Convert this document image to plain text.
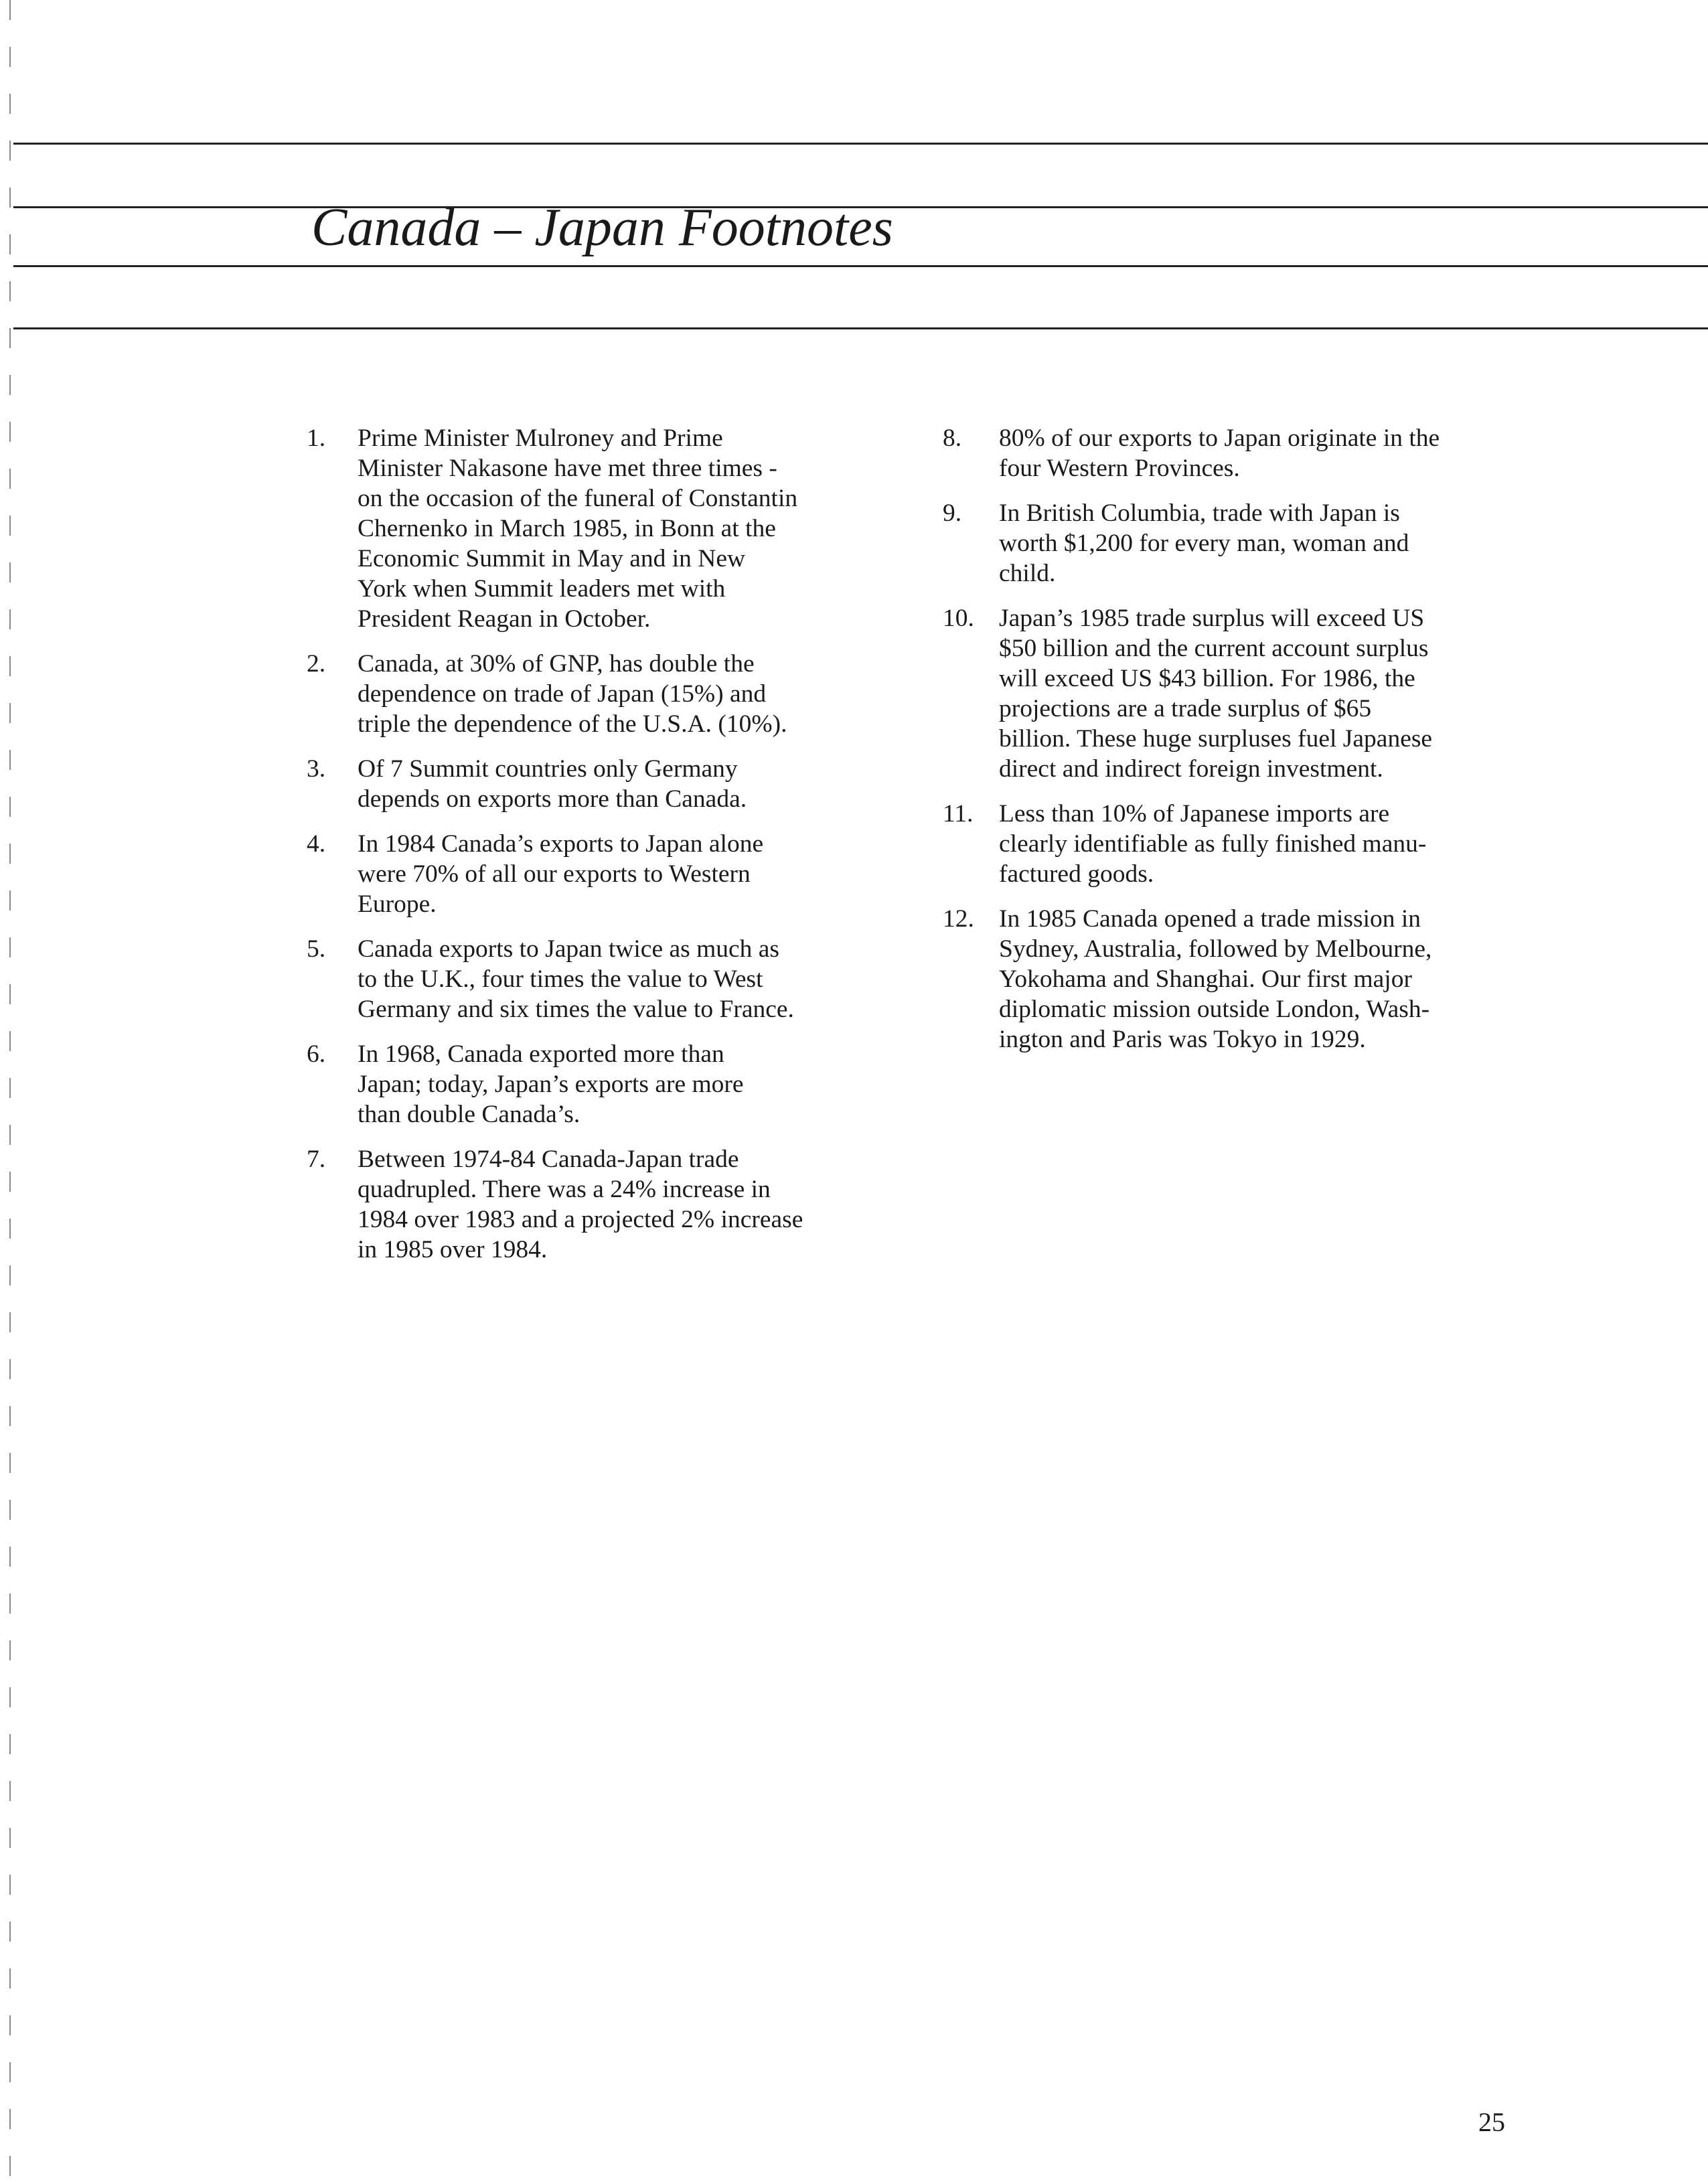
Canada – Japan Footnotes
1.	Prime Minister Mulroney and Prime
Minister Nakasone have met three times -
on the occasion of the funeral of Constantin
Chernenko in March 1985, in Bonn at the
Economic Summit in May and in New
York when Summit leaders met with
President Reagan in October.
2.	Canada, at 30% of GNP, has double the
dependence on trade of Japan (15%) and
triple the dependence of the U.S.A. (10%).
3.	Of 7 Summit countries only Germany
depends on exports more than Canada.
4.	In 1984 Canada’s exports to Japan alone
were 70% of all our exports to Western
Europe.
5.	Canada exports to Japan twice as much as
to the U.K., four times the value to West
Germany and six times the value to France.
6.	In 1968, Canada exported more than
Japan; today, Japan’s exports are more
than double Canada’s.
7.	Between 1974-84 Canada-Japan trade
quadrupled. There was a 24% increase in
1984 over 1983 and a projected 2% increase
in 1985 over 1984.
8.	80% of our exports to Japan originate in the
four Western Provinces.
9.	In British Columbia, trade with Japan is
worth $1,200 for every man, woman and
child.
10. Japan’s 1985 trade surplus will exceed US
$50 billion and the current account surplus
will exceed US $43 billion. For 1986, the
projections are a trade surplus of $65
billion. These huge surpluses fuel Japanese
direct and indirect foreign investment.
11.	Less than 10% of Japanese imports are
clearly identifiable as fully finished manu-
factured goods.
12. In 1985 Canada opened a trade mission in
Sydney, Australia, followed by Melbourne,
Yokohama and Shanghai. Our first major
diplomatic mission outside London, Wash-
ington and Paris was Tokyo in 1929.
25
